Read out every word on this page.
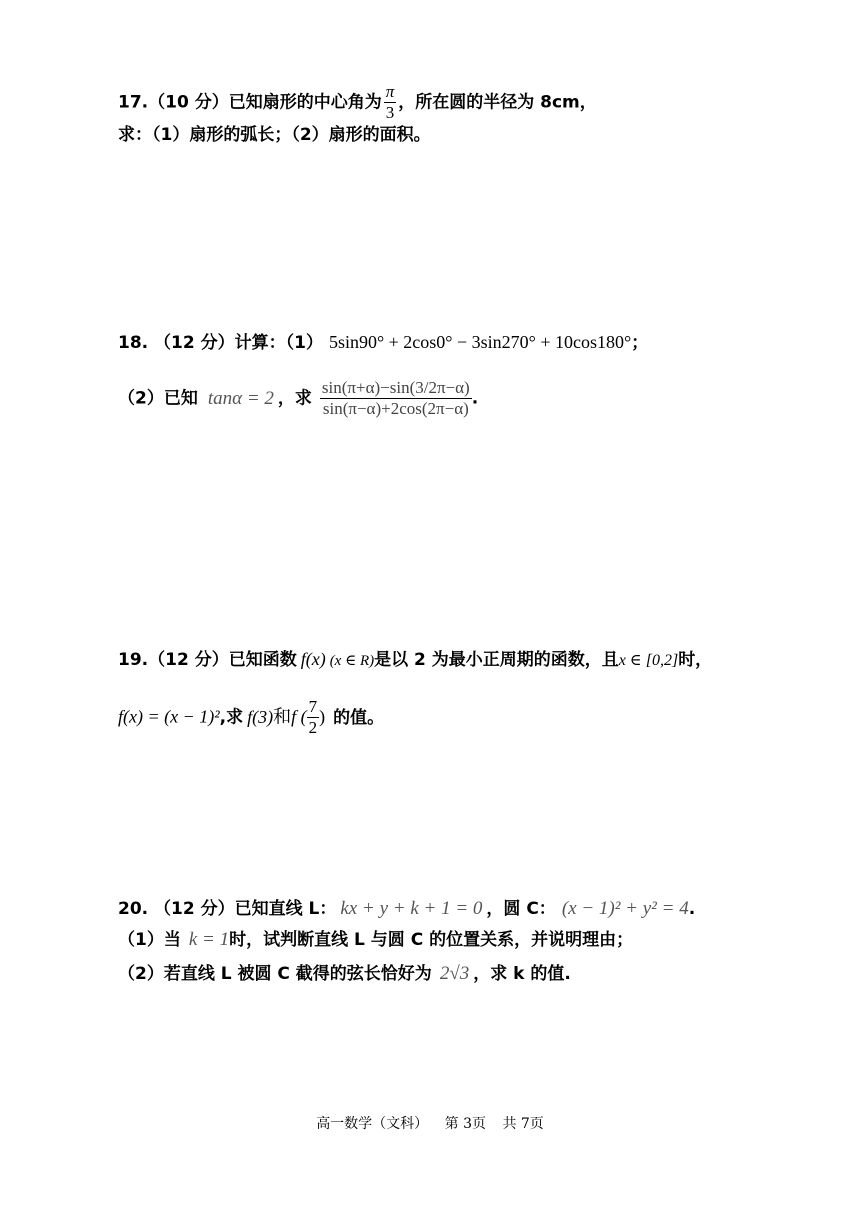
17.（10 分）已知扇形的中心角为 $\frac{\pi}{3}$ ，所在圆的半径为 8cm，
求：（1）扇形的弧长；（2）扇形的面积。
18. （12 分）计算：（1） 5sin90° + 2cos0° − 3sin270° + 10cos180°；
（2）已知 tanα = 2 ，求 $\frac{\sin(\pi+\alpha)-\sin(3/2\pi-\alpha)}{\sin(\pi-\alpha)+2\cos(2\pi-\alpha)}$ .
19.（12 分）已知函数 f(x) (x ∈ R)是以 2 为最小正周期的函数，且x ∈ [0,2]时，
f(x) = (x − 1)²,求 f(3)和f ( $\frac{7}{2}$ ) 的值。
20. （12 分）已知直线 L： kx + y + k + 1 = 0 ，圆 C： (x − 1)² + y² = 4.
（1）当 k = 1时，试判断直线 L 与圆 C 的位置关系，并说明理由；
（2）若直线 L 被圆 C 截得的弦长恰好为 2√3 ，求 k 的值.
高一数学（文科） 第 3页 共 7页
